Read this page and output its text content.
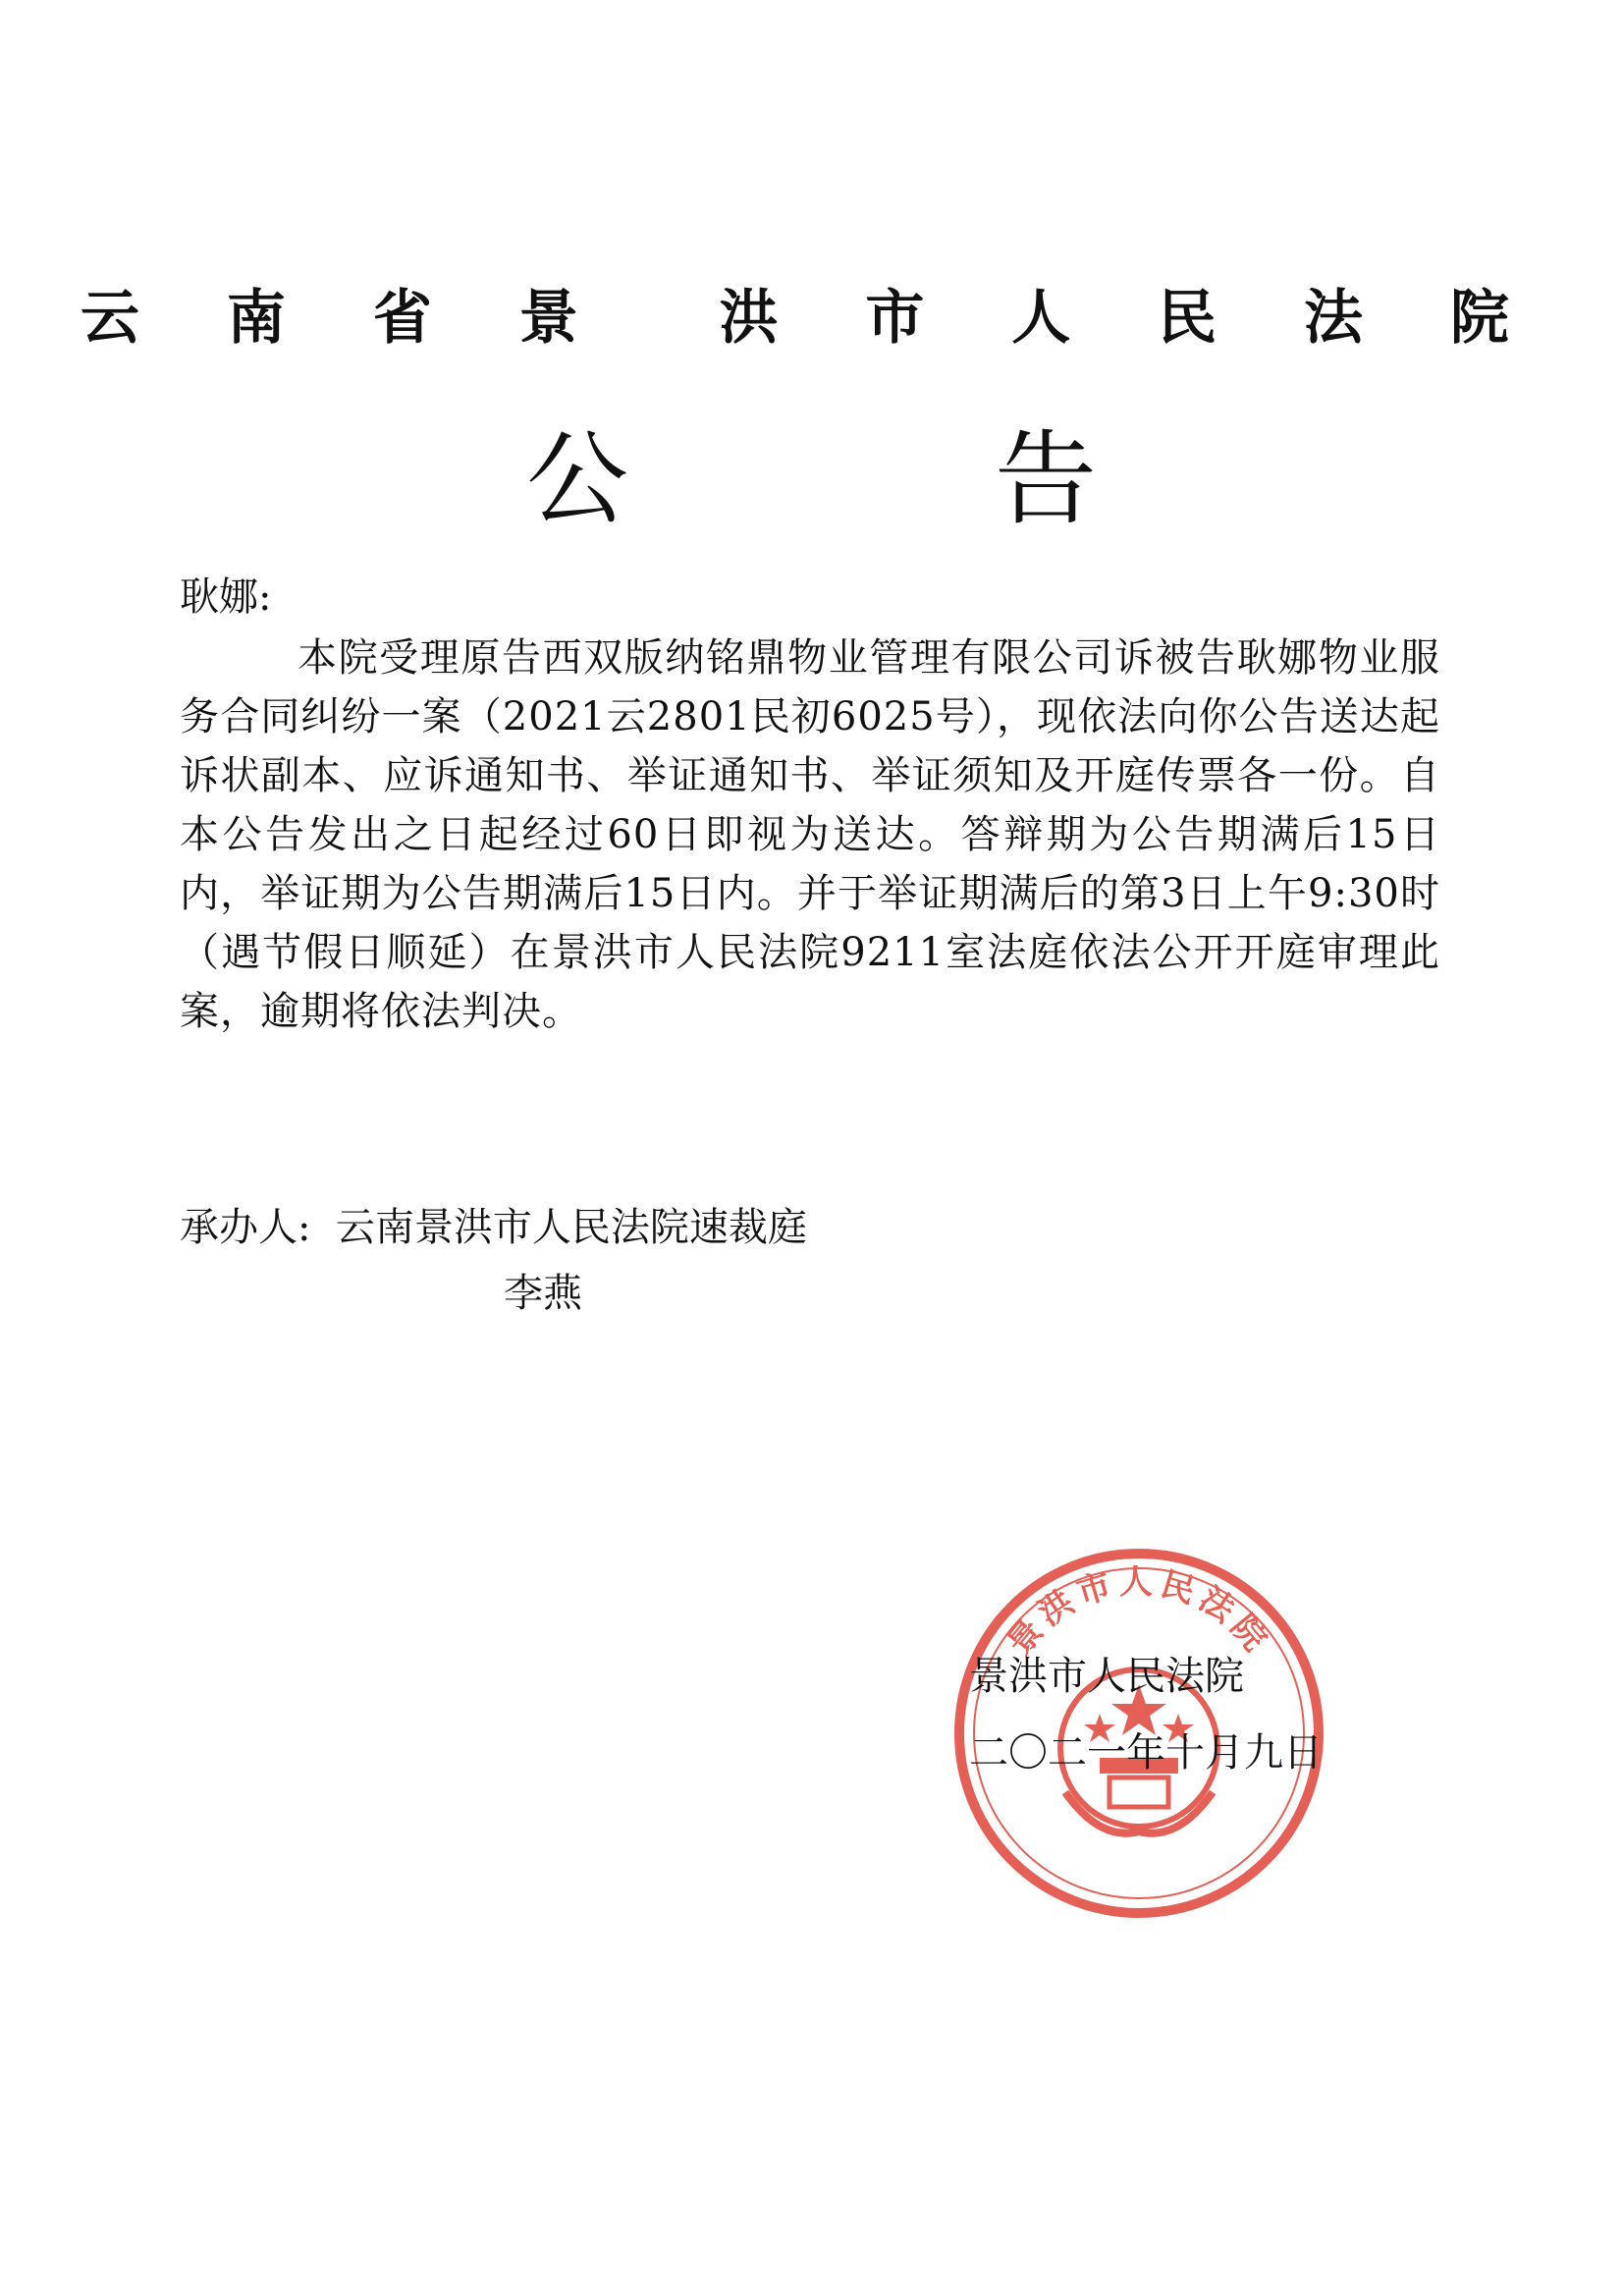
云 南 省 景  洪 市 人 民 法 院
公 告
耿娜:
本院受理原告西双版纳铭鼎物业管理有限公司诉被告耿娜物业服务合同纠纷一案（2021云2801民初6025号），现依法向你公告送达起诉状副本、应诉通知书、举证通知书、举证须知及开庭传票各一份。自本公告发出之日起经过60日即视为送达。答辩期为公告期满后15日内，举证期为公告期满后15日内。并于举证期满后的第3日上午9:30时（遇节假日顺延）在景洪市人民法院9211室法庭依法公开开庭审理此案，逾期将依法判决。
承办人: 云南景洪市人民法院速裁庭
李燕
景洪市人民法院
景洪市人民法院
二〇二一年十月九日
